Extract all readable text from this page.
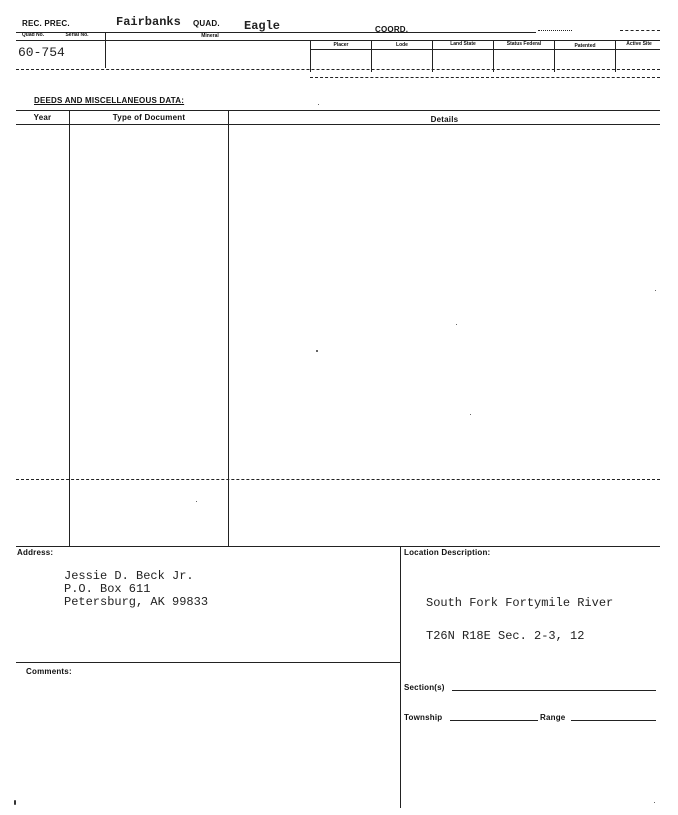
REC. PREC.	Fairbanks QUAD. Eagle	COORD.
Quad No.	Serial No.	Mineral
Placer	Lode	Land State	Status Federal	Patented	Active Site
60-754
DEEDS AND MISCELLANEOUS DATA:
Year	Type of Document	Details
Address:
Jessie D. Beck Jr.
P.O. Box 611
Petersburg, AK 99833
Location Description:
South Fork Fortymile River
T26N R18E Sec. 2-3, 12
Comments:
Section(s)
Township	Range
